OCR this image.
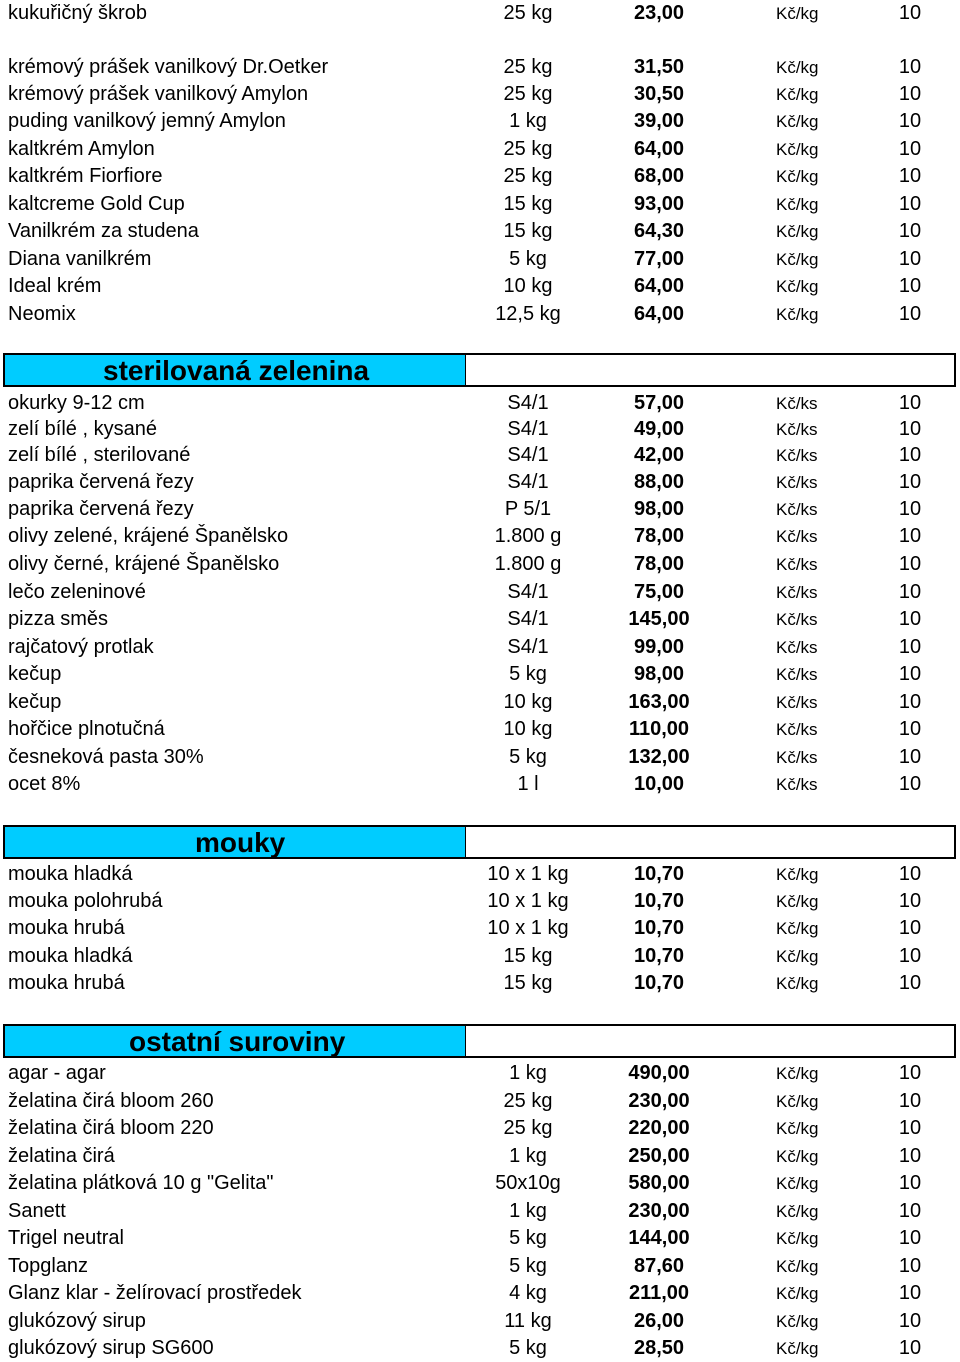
kukuřičný škrob	25 kg	23,00	Kč/kg	10
krémový prášek vanilkový Dr.Oetker	25 kg	31,50	Kč/kg	10
krémový prášek vanilkový Amylon	25 kg	30,50	Kč/kg	10
puding vanilkový jemný Amylon	1 kg	39,00	Kč/kg	10
kaltkrém Amylon	25 kg	64,00	Kč/kg	10
kaltkrém Fiorfiore	25 kg	68,00	Kč/kg	10
kaltcreme Gold Cup	15 kg	93,00	Kč/kg	10
Vanilkrém za studena	15 kg	64,30	Kč/kg	10
Diana vanilkrém	5 kg	77,00	Kč/kg	10
Ideal krém	10 kg	64,00	Kč/kg	10
Neomix	12,5 kg	64,00	Kč/kg	10
sterilovaná zelenina
okurky 9-12 cm	S4/1	57,00	Kč/ks	10
zelí bílé , kysané	S4/1	49,00	Kč/ks	10
zelí bílé , sterilované	S4/1	42,00	Kč/ks	10
paprika červená řezy	S4/1	88,00	Kč/ks	10
paprika červená řezy	P 5/1	98,00	Kč/ks	10
olivy zelené, krájené Španělsko	1.800 g	78,00	Kč/ks	10
olivy černé, krájené Španělsko	1.800 g	78,00	Kč/ks	10
lečo zeleninové	S4/1	75,00	Kč/ks	10
pizza směs	S4/1	145,00	Kč/ks	10
rajčatový protlak	S4/1	99,00	Kč/ks	10
kečup	5 kg	98,00	Kč/ks	10
kečup	10 kg	163,00	Kč/ks	10
hořčice plnotučná	10 kg	110,00	Kč/ks	10
česneková pasta 30%	5 kg	132,00	Kč/ks	10
ocet 8%	1 l	10,00	Kč/ks	10
mouky
mouka hladká	10 x 1 kg	10,70	Kč/kg	10
mouka polohrubá	10 x 1 kg	10,70	Kč/kg	10
mouka hrubá	10 x 1 kg	10,70	Kč/kg	10
mouka hladká	15 kg	10,70	Kč/kg	10
mouka hrubá	15 kg	10,70	Kč/kg	10
ostatní suroviny
agar - agar	1 kg	490,00	Kč/kg	10
želatina čirá bloom 260	25 kg	230,00	Kč/kg	10
želatina čirá bloom 220	25 kg	220,00	Kč/kg	10
želatina čirá	1 kg	250,00	Kč/kg	10
želatina plátková 10 g "Gelita"	50x10g	580,00	Kč/kg	10
Sanett	1 kg	230,00	Kč/kg	10
Trigel neutral	5 kg	144,00	Kč/kg	10
Topglanz	5 kg	87,60	Kč/kg	10
Glanz klar - želírovací prostředek	4 kg	211,00	Kč/kg	10
glukózový sirup	11 kg	26,00	Kč/kg	10
glukózový sirup SG600	5 kg	28,50	Kč/kg	10
